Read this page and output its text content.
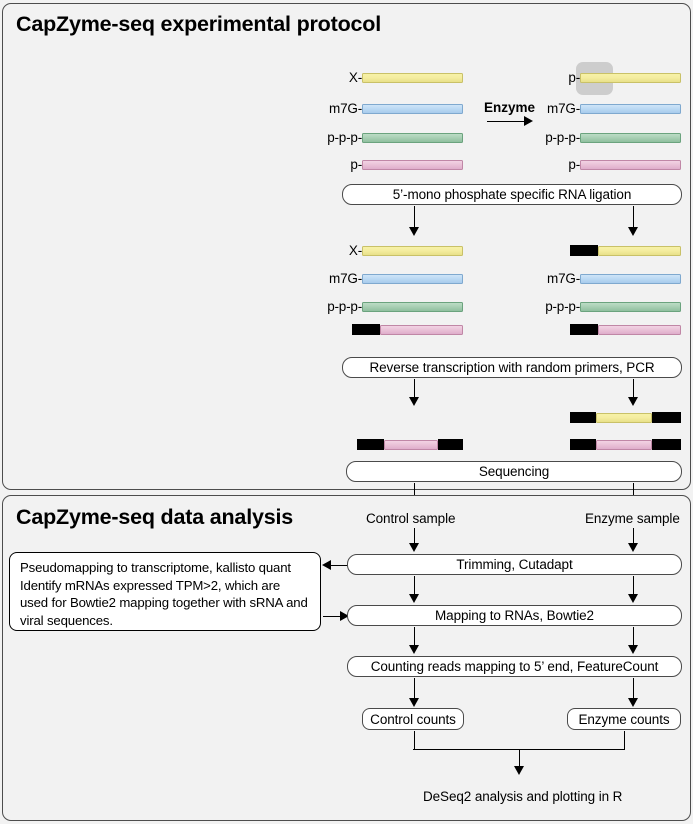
CapZyme-seq experimental protocol
X-
m7G-
p-p-p-
p-
Enzyme
p-
m7G-
p-p-p-
p-
5’-mono phosphate specific RNA ligation
X-
m7G-
p-p-p-
m7G-
p-p-p-
Reverse transcription with random primers, PCR
Sequencing
CapZyme-seq data analysis	Control sample	Enzyme sample
Pseudomapping to transcriptome, kallisto quant Identify mRNAs expressed TPM>2, which are used for Bowtie2 mapping together with sRNA and viral sequences.
Trimming, Cutadapt
Mapping to RNAs, Bowtie2
Counting reads mapping to 5’ end, FeatureCount
Control counts	Enzyme counts
DeSeq2 analysis and plotting in R
